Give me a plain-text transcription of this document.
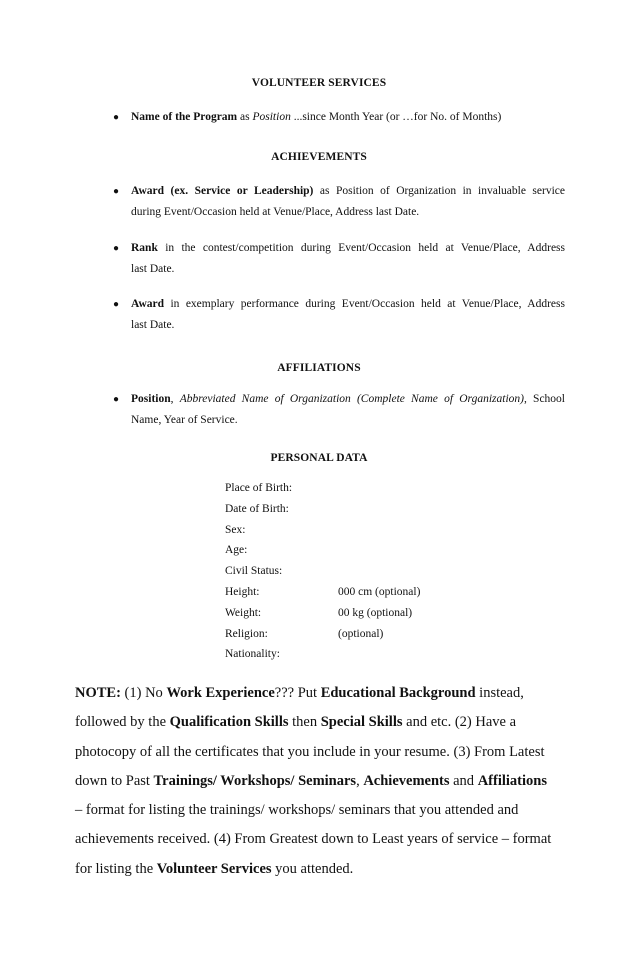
VOLUNTEER SERVICES
● Name of the Program as Position ...since Month Year (or …for No. of Months)
ACHIEVEMENTS
● Award (ex. Service or Leadership) as Position of Organization in invaluable service
during Event/Occasion held at Venue/Place, Address last Date.
● Rank in the contest/competition during Event/Occasion held at Venue/Place, Address
last Date.
● Award in exemplary performance during Event/Occasion held at Venue/Place, Address
last Date.
AFFILIATIONS
● Position, Abbreviated Name of Organization (Complete Name of Organization), School
Name, Year of Service.
PERSONAL DATA
Place of Birth:
Date of Birth:
Sex:
Age:
Civil Status:
Height:	000 cm (optional)
Weight:	00 kg (optional)
Religion:	(optional)
Nationality:
NOTE: (1) No Work Experience??? Put Educational Background instead,
followed by the Qualification Skills then Special Skills and etc. (2) Have a
photocopy of all the certificates that you include in your resume. (3) From Latest
down to Past Trainings/ Workshops/ Seminars, Achievements and Affiliations
– format for listing the trainings/ workshops/ seminars that you attended and
achievements received. (4) From Greatest down to Least years of service – format
for listing the Volunteer Services you attended.
